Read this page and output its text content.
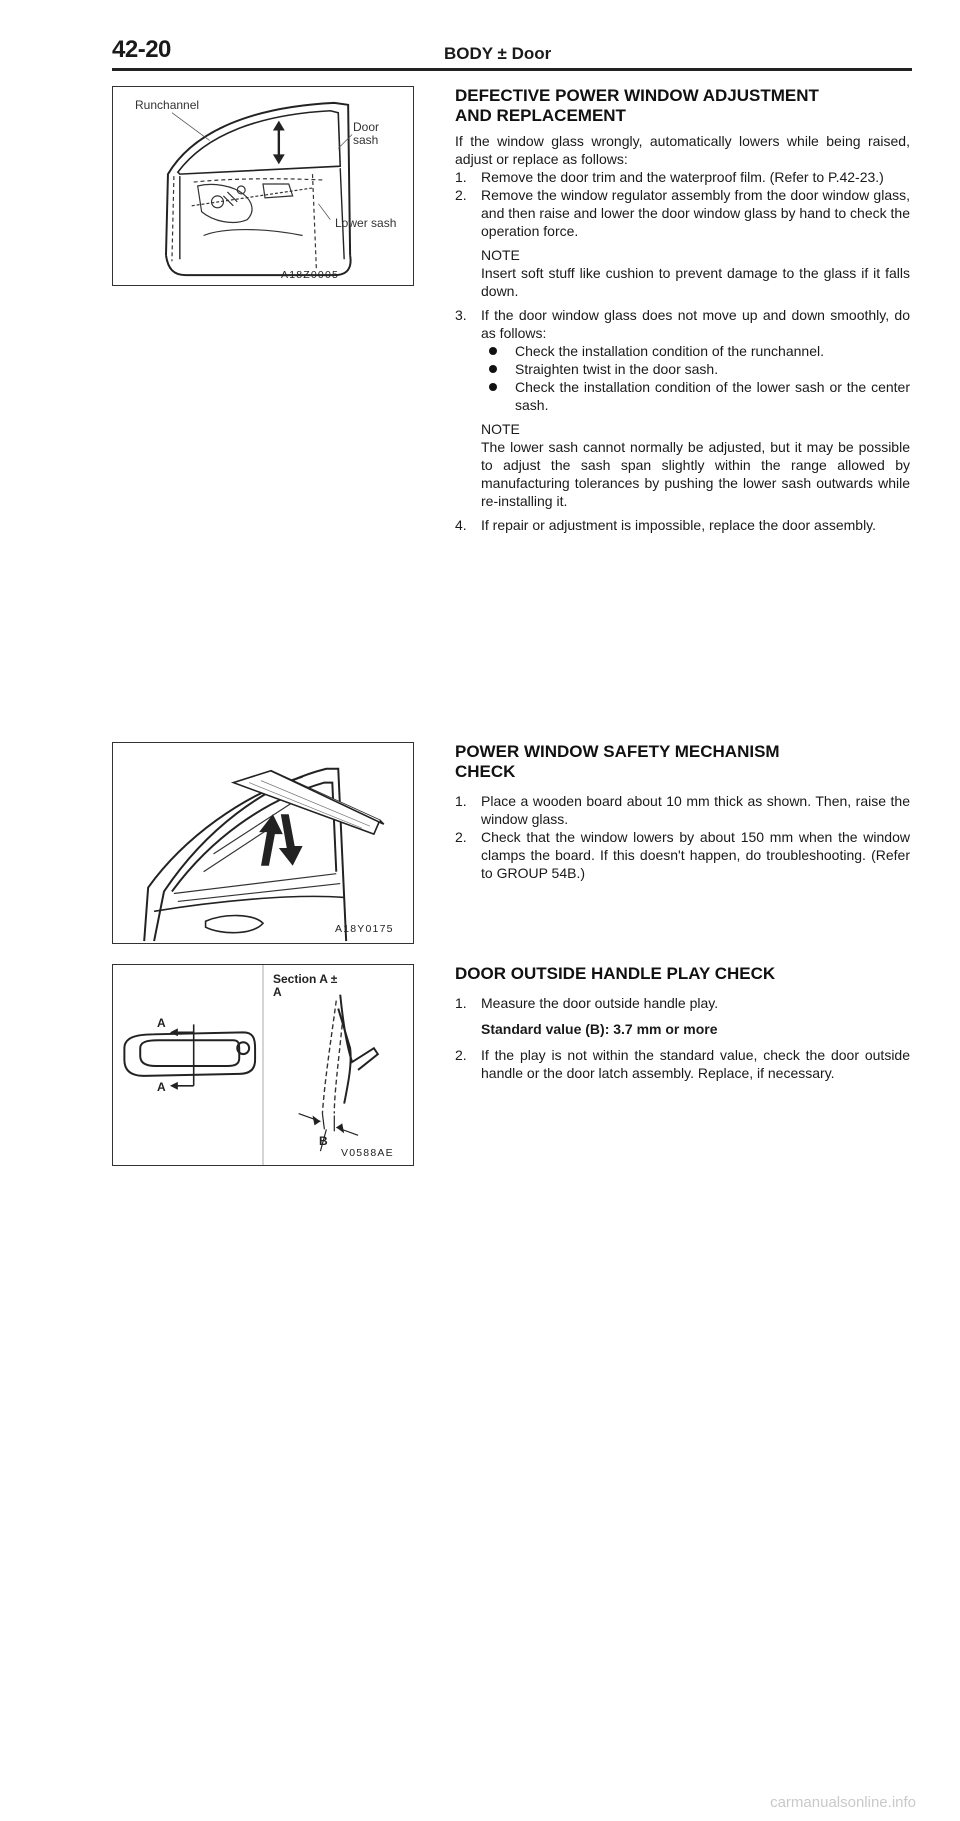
42-20	BODY ± Door
Runchannel
Door
sash
Lower sash
A18Z0005
A18Y0175
Section A ±
A
A
A
B
V0588AE
DEFECTIVE POWER WINDOW ADJUSTMENT
AND REPLACEMENT

If the window glass wrongly, automatically lowers while being raised, adjust or replace as follows:

1. Remove the door trim and the waterproof film. (Refer to P.42-23.)
2. Remove the window regulator assembly from the door window glass, and then raise and lower the door window glass by hand to check the operation force.
NOTE
Insert soft stuff like cushion to prevent damage to the glass if it falls down.
3. If the door window glass does not move up and down smoothly, do as follows:
Check the installation condition of the runchannel.
Straighten twist in the door sash.
Check the installation condition of the lower sash or the center sash.
NOTE
The lower sash cannot normally be adjusted, but it may be possible to adjust the sash span slightly within the range allowed by manufacturing tolerances by pushing the lower sash outwards while re-installing it.
4. If repair or adjustment is impossible, replace the door assembly.
POWER WINDOW SAFETY MECHANISM
CHECK
1. Place a wooden board about 10 mm thick as shown. Then, raise the window glass.
2. Check that the window lowers by about 150 mm when the window clamps the board. If this doesn't happen, do troubleshooting. (Refer to GROUP 54B.)
DOOR OUTSIDE HANDLE PLAY CHECK
1. Measure the door outside handle play.
Standard value (B): 3.7 mm or more
2. If the play is not within the standard value, check the door outside handle or the door latch assembly. Replace, if necessary.
carmanualsonline.info
